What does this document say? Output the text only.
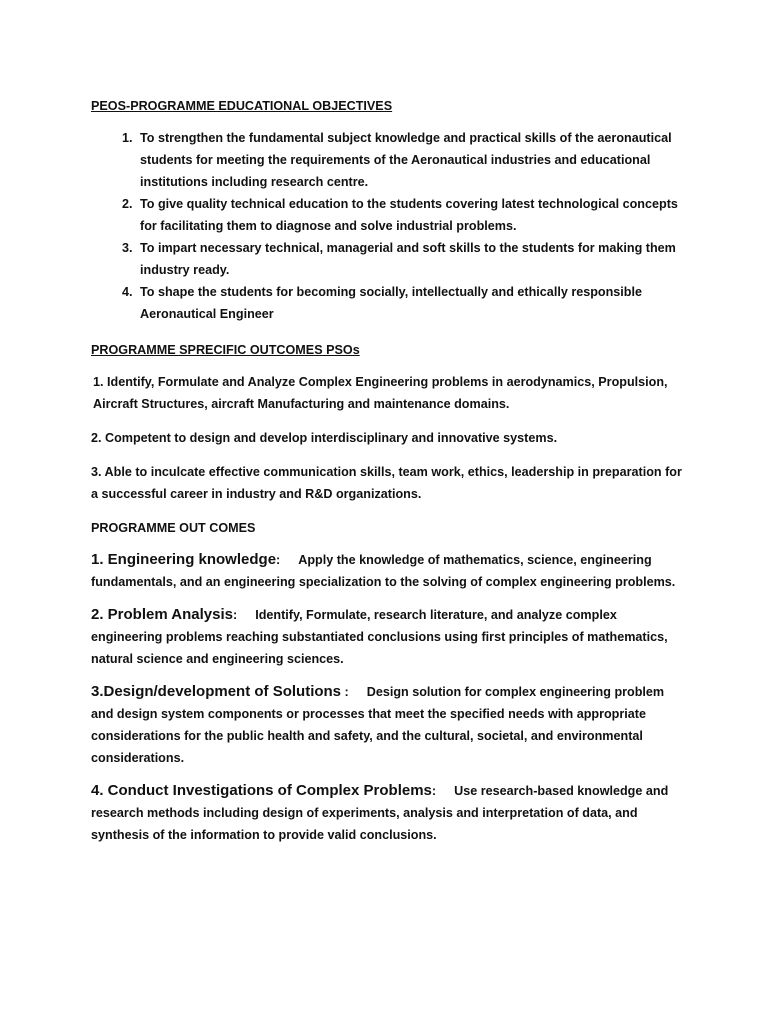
PEOS-PROGRAMME EDUCATIONAL OBJECTIVES
1. To strengthen the fundamental subject knowledge and practical skills of the aeronautical students for meeting the requirements of the Aeronautical industries and educational institutions including research centre.
2. To give quality technical education to the students covering latest technological concepts for facilitating them to diagnose and solve industrial problems.
3. To impart necessary technical, managerial and soft skills to the students for making them industry ready.
4. To shape the students for becoming socially, intellectually and ethically responsible Aeronautical Engineer
PROGRAMME SPRECIFIC OUTCOMES PSOs
1. Identify, Formulate and Analyze Complex Engineering problems in aerodynamics, Propulsion, Aircraft Structures, aircraft Manufacturing and maintenance domains.
2. Competent to design and develop interdisciplinary and innovative systems.
3. Able to inculcate effective communication skills, team work, ethics, leadership in preparation for a successful career in industry and R&D organizations.
PROGRAMME OUT COMES
1. Engineering knowledge: Apply the knowledge of mathematics, science, engineering fundamentals, and an engineering specialization to the solving of complex engineering problems.
2. Problem Analysis: Identify, Formulate, research literature, and analyze complex engineering problems reaching substantiated conclusions using first principles of mathematics, natural science and engineering sciences.
3.Design/development of Solutions : Design solution for complex engineering problem and design system components or processes that meet the specified needs with appropriate considerations for the public health and safety, and the cultural, societal, and environmental considerations.
4. Conduct Investigations of Complex Problems: Use research-based knowledge and research methods including design of experiments, analysis and interpretation of data, and synthesis of the information to provide valid conclusions.
